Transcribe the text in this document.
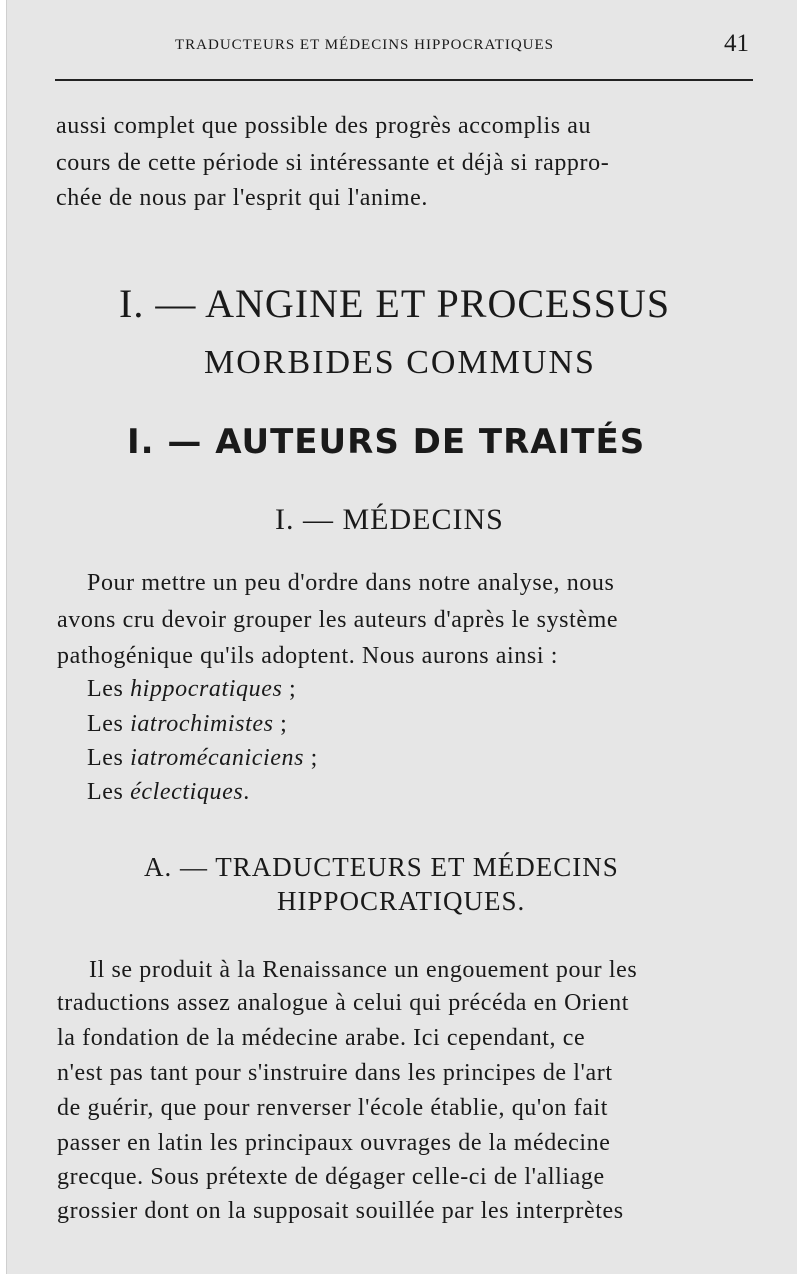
TRADUCTEURS ET MÉDECINS HIPPOCRATIQUES	41
aussi complet que possible des progrès accomplis au
cours de cette période si intéressante et déjà si rappro-
chée de nous par l'esprit qui l'anime.
I. — ANGINE ET PROCESSUS
MORBIDES COMMUNS
I. — AUTEURS DE TRAITÉS
I. — MÉDECINS
Pour mettre un peu d'ordre dans notre analyse, nous
avons cru devoir grouper les auteurs d'après le système
pathogénique qu'ils adoptent. Nous aurons ainsi :
Les hippocratiques ;
Les iatrochimistes ;
Les iatromécaniciens ;
Les éclectiques.
A. — TRADUCTEURS ET MÉDECINS
HIPPOCRATIQUES.
Il se produit à la Renaissance un engouement pour les
traductions assez analogue à celui qui précéda en Orient
la fondation de la médecine arabe. Ici cependant, ce
n'est pas tant pour s'instruire dans les principes de l'art
de guérir, que pour renverser l'école établie, qu'on fait
passer en latin les principaux ouvrages de la médecine
grecque. Sous prétexte de dégager celle-ci de l'alliage
grossier dont on la supposait souillée par les interprètes
